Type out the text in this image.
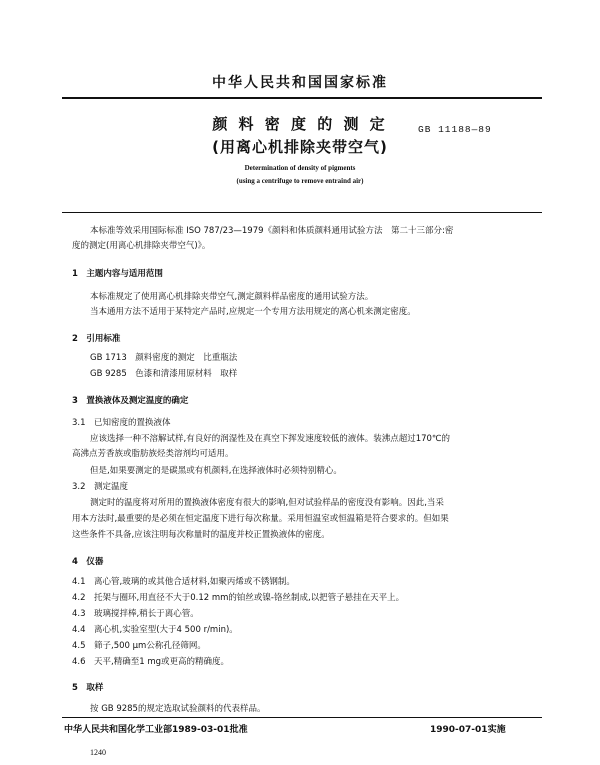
中华人民共和国国家标准
颜 料 密 度 的 测 定
(用离心机排除夹带空气)
GB 11188—89
Determination of density of pigments
(using a centrifuge to remove entraind air)
本标准等效采用国际标准 ISO 787/23—1979《颜料和体质颜料通用试验方法　第二十三部分:密
度的测定(用离心机排除夹带空气)》。
1　主题内容与适用范围
本标准规定了使用离心机排除夹带空气,测定颜料样品密度的通用试验方法。
当本通用方法不适用于某特定产品时,应规定一个专用方法用规定的离心机来测定密度。
2　引用标准
GB 1713　颜料密度的测定　比重瓶法
GB 9285　色漆和清漆用原材料　取样
3　置换液体及测定温度的确定
3.1　已知密度的置换液体
应该选择一种不溶解试样,有良好的润湿性及在真空下挥发速度较低的液体。装沸点超过170℃的
高沸点芳香族或脂肪族烃类溶剂均可适用。
但是,如果要测定的是碳黑或有机颜料,在选择液体时必须特别精心。
3.2　测定温度
测定时的温度将对所用的置换液体密度有很大的影响,但对试验样品的密度没有影响。因此,当采
用本方法时,最重要的是必须在恒定温度下进行每次称量。采用恒温室或恒温箱是符合要求的。但如果
这些条件不具备,应该注明每次称量时的温度并校正置换液体的密度。
4　仪器
4.1　离心管,玻璃的或其他合适材料,如聚丙烯或不锈钢制。
4.2　托架与圈环,用直径不大于0.12 mm的铂丝或镍-铬丝制成,以把管子悬挂在天平上。
4.3　玻璃搅拌棒,稍长于离心管。
4.4　离心机,实验室型(大于4 500 r/min)。
4.5　筛子,500 μm公称孔径筛网。
4.6　天平,精确至1 mg或更高的精确度。
5　取样
按 GB 9285的规定选取试验颜料的代表样品。
中华人民共和国化学工业部1989-03-01批准	1990-07-01实施
1240
